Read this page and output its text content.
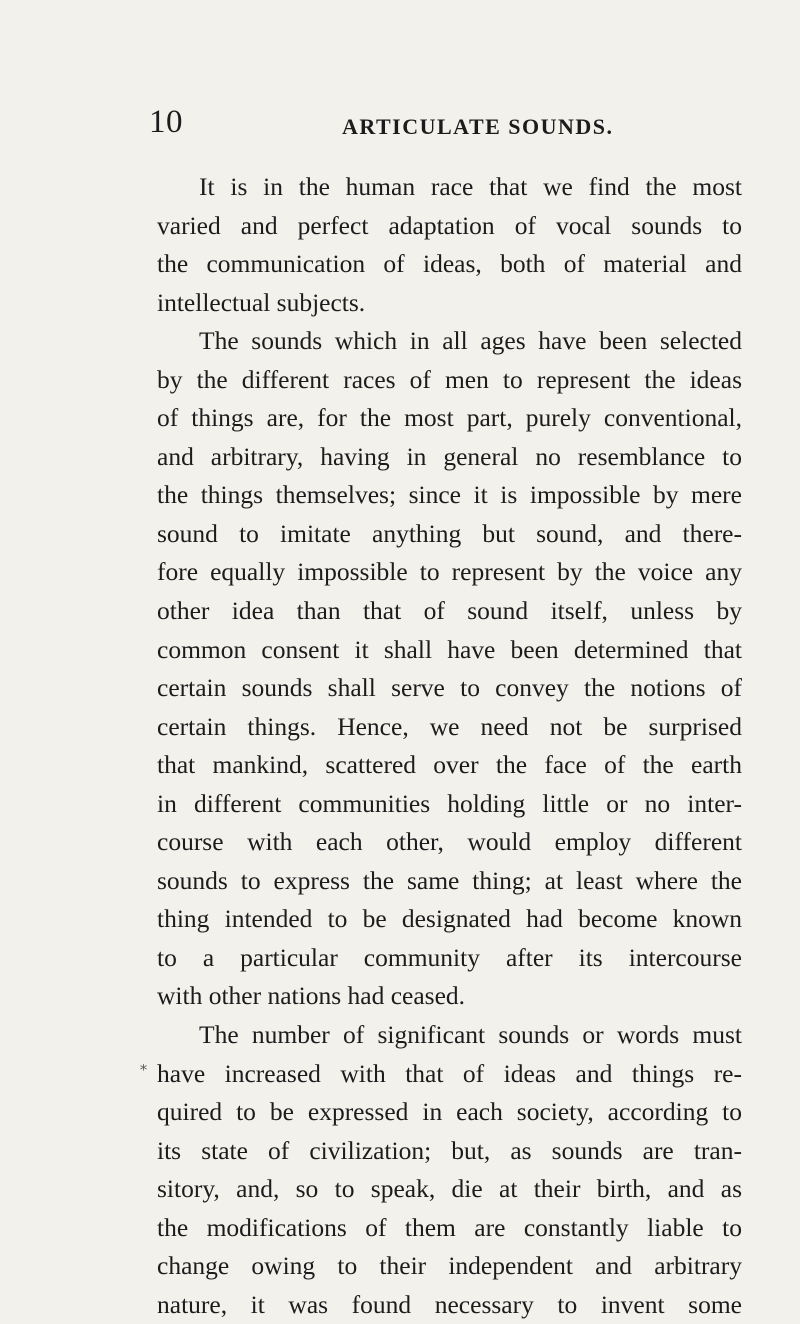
10	ARTICULATE SOUNDS.
It is in the human race that we find the most
varied and perfect adaptation of vocal sounds to
the communication of ideas, both of material and
intellectual subjects.
The sounds which in all ages have been selected
by the different races of men to represent the ideas
of things are, for the most part, purely conventional,
and arbitrary, having in general no resemblance to
the things themselves; since it is impossible by mere
sound to imitate anything but sound, and there-
fore equally impossible to represent by the voice any
other idea than that of sound itself, unless by
common consent it shall have been determined that
certain sounds shall serve to convey the notions of
certain things. Hence, we need not be surprised
that mankind, scattered over the face of the earth
in different communities holding little or no inter-
course with each other, would employ different
sounds to express the same thing; at least where the
thing intended to be designated had become known
to a particular community after its intercourse
with other nations had ceased.
The number of significant sounds or words must
have increased with that of ideas and things re-
quired to be expressed in each society, according to
its state of civilization; but, as sounds are tran-
sitory, and, so to speak, die at their birth, and as
the modifications of them are constantly liable to
change owing to their independent and arbitrary
nature, it was found necessary to invent some
⁎
